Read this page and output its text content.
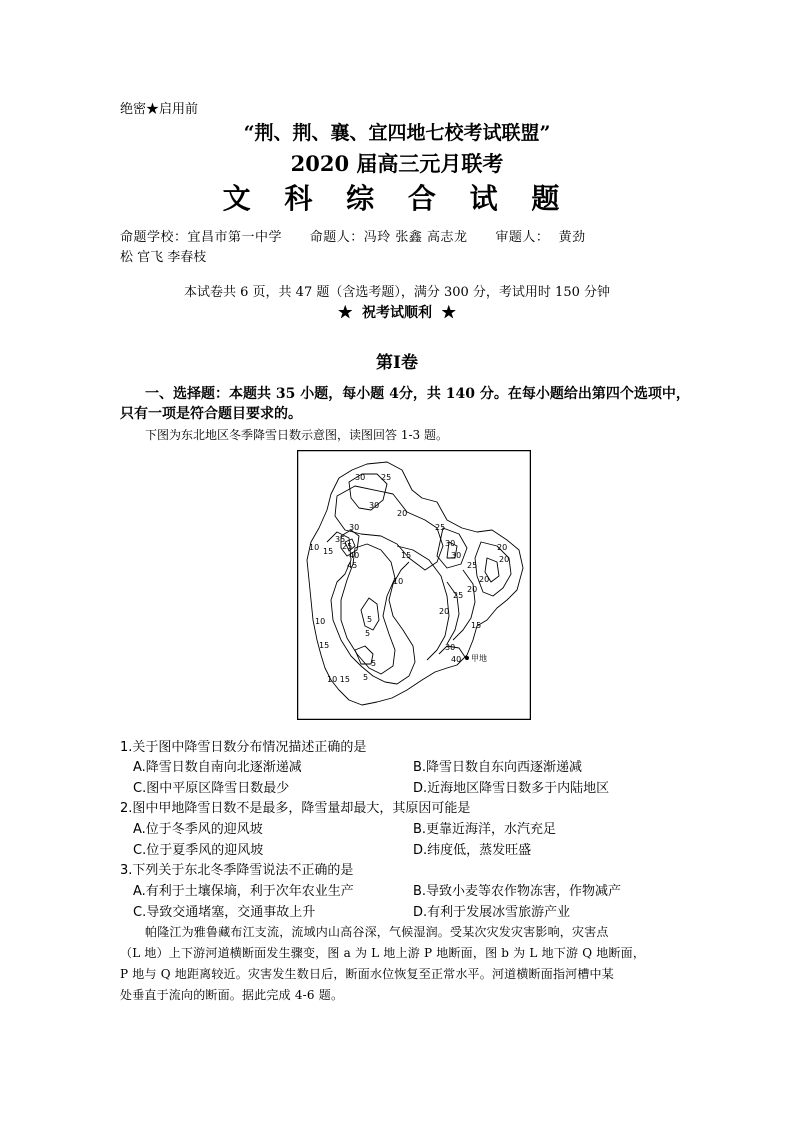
绝密★启用前
“荆、荆、襄、宜四地七校考试联盟”
2020 届高三元月联考
文 科 综 合 试 题
命题学校：宜昌市第一中学      命题人：冯玲 张鑫 高志龙      审题人：  黄劲
松 官飞 李春枝
本试卷共 6 页，共 47 题（含选考题），满分 300 分，考试用时 150 分钟
★  祝考试顺利  ★
第Ⅰ卷
一、选择题：本题共 35 小题，每小题 4分，共 140 分。在每小题给出第四个选项中，
只有一项是符合题目要求的。
下图为东北地区冬季降雪日数示意图，读图回答 1-3 题。
30 25
30
20
25
30
35
25
10 15 40
45
15
10
30
30
20
20
25
20
20
25
10
15
5
20
15
5
5
30
40
10 15 5
甲地
1.关于图中降雪日数分布情况描述正确的是
A.降雪日数自南向北逐渐递减	B.降雪日数自东向西逐渐递减
C.图中平原区降雪日数最少	D.近海地区降雪日数多于内陆地区
2.图中甲地降雪日数不是最多，降雪量却最大，其原因可能是
A.位于冬季风的迎风坡	B.更靠近海洋，水汽充足
C.位于夏季风的迎风坡	D.纬度低，蒸发旺盛
3.下列关于东北冬季降雪说法不正确的是
A.有利于土壤保墒，利于次年农业生产	B.导致小麦等农作物冻害，作物减产
C.导致交通堵塞，交通事故上升	D.有利于发展冰雪旅游产业
帕隆江为雅鲁藏布江支流，流域内山高谷深，气候湿润。受某次灾发灾害影响，灾害点
（L 地）上下游河道横断面发生骤变，图 a 为 L 地上游 P 地断面，图 b 为 L 地下游 Q 地断面，
P 地与 Q 地距离较近。灾害发生数日后，断面水位恢复至正常水平。河道横断面指河槽中某
处垂直于流向的断面。据此完成 4-6 题。
